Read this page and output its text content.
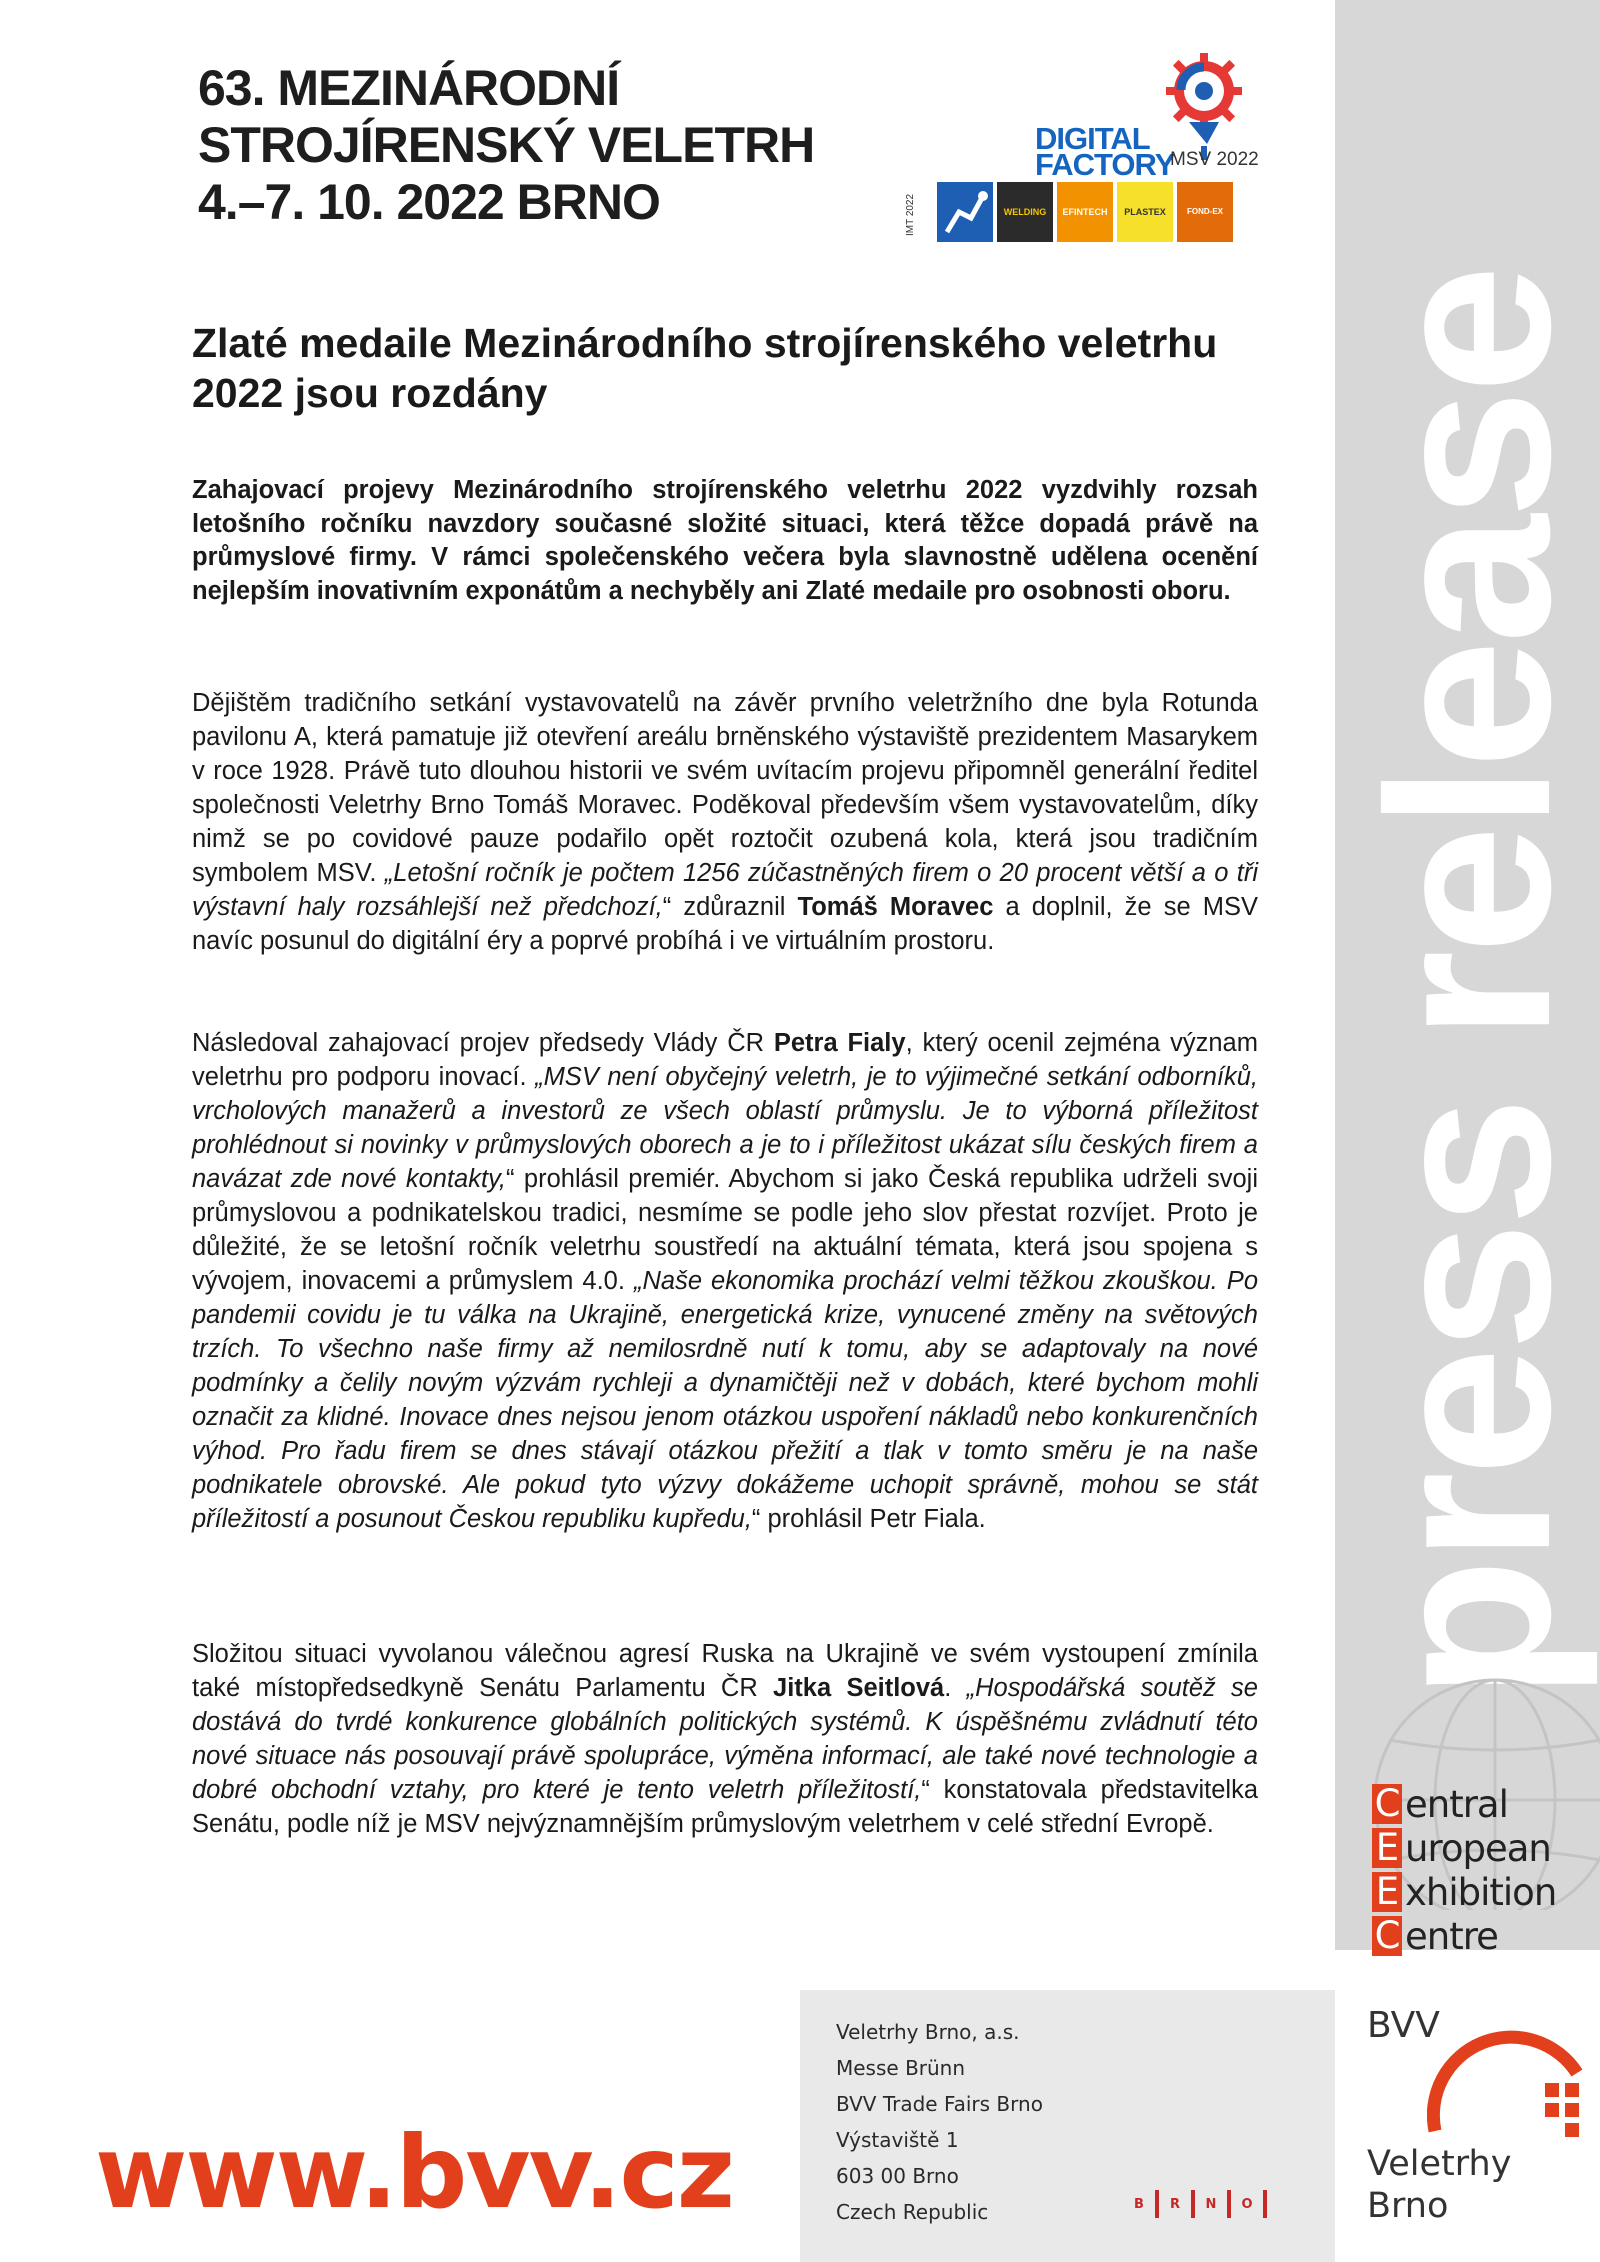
press release
C entral
E uropean
E xhibition
C entre
63. MEZINÁRODNÍ
STROJÍRENSKÝ VELETRH
4.–7. 10. 2022 BRNO
DIGITAL
FACTORY
MSV 2022
IMT 2022	WELDING	EFINTECH	PLASTEX	FOND-EX
Zlaté medaile Mezinárodního strojírenského veletrhu 2022 jsou rozdány
Zahajovací projevy Mezinárodního strojírenského veletrhu 2022 vyzdvihly rozsah letošního ročníku navzdory současné složité situaci, která těžce dopadá právě na průmyslové firmy. V rámci společenského večera byla slavnostně udělena ocenění nejlepším inovativním exponátům a nechyběly ani Zlaté medaile pro osobnosti oboru.
Dějištěm tradičního setkání vystavovatelů na závěr prvního veletržního dne byla Rotunda pavilonu A, která pamatuje již otevření areálu brněnského výstaviště prezidentem Masarykem v roce 1928. Právě tuto dlouhou historii ve svém uvítacím projevu připomněl generální ředitel společnosti Veletrhy Brno Tomáš Moravec. Poděkoval především všem vystavovatelům, díky nimž se po covidové pauze podařilo opět roztočit ozubená kola, která jsou tradičním symbolem MSV. „Letošní ročník je počtem 1256 zúčastněných firem o 20 procent větší a o tři výstavní haly rozsáhlejší než předchozí,“ zdůraznil Tomáš Moravec a doplnil, že se MSV navíc posunul do digitální éry a poprvé probíhá i ve virtuálním prostoru.
Následoval zahajovací projev předsedy Vlády ČR Petra Fialy, který ocenil zejména význam veletrhu pro podporu inovací. „MSV není obyčejný veletrh, je to výjimečné setkání odborníků, vrcholových manažerů a investorů ze všech oblastí průmyslu. Je to výborná příležitost prohlédnout si novinky v průmyslových oborech a je to i příležitost ukázat sílu českých firem a navázat zde nové kontakty,“ prohlásil premiér. Abychom si jako Česká republika udrželi svoji průmyslovou a podnikatelskou tradici, nesmíme se podle jeho slov přestat rozvíjet. Proto je důležité, že se letošní ročník veletrhu soustředí na aktuální témata, která jsou spojena s vývojem, inovacemi a průmyslem 4.0. „Naše ekonomika prochází velmi těžkou zkouškou. Po pandemii covidu je tu válka na Ukrajině, energetická krize, vynucené změny na světových trzích. To všechno naše firmy až nemilosrdně nutí k tomu, aby se adaptovaly na nové podmínky a čelily novým výzvám rychleji a dynamičtěji než v dobách, které bychom mohli označit za klidné. Inovace dnes nejsou jenom otázkou uspoření nákladů nebo konkurenčních výhod. Pro řadu firem se dnes stávají otázkou přežití a tlak v tomto směru je na naše podnikatele obrovské. Ale pokud tyto výzvy dokážeme uchopit správně, mohou se stát příležitostí a posunout Českou republiku kupředu,“ prohlásil Petr Fiala.
Složitou situaci vyvolanou válečnou agresí Ruska na Ukrajině ve svém vystoupení zmínila také místopředsedkyně Senátu Parlamentu ČR Jitka Seitlová. „Hospodářská soutěž se dostává do tvrdé konkurence globálních politických systémů. K úspěšnému zvládnutí této nové situace nás posouvají právě spolupráce, výměna informací, ale také nové technologie a dobré obchodní vztahy, pro které je tento veletrh příležitostí,“ konstatovala představitelka Senátu, podle níž je MSV nejvýznamnějším průmyslovým veletrhem v celé střední Evropě.
Veletrhy Brno, a.s.
Messe Brünn
BVV Trade Fairs Brno
Výstaviště 1
603 00 Brno
Czech Republic
www.bvv.cz	B	R	N	O
BVV
Veletrhy
Brno
